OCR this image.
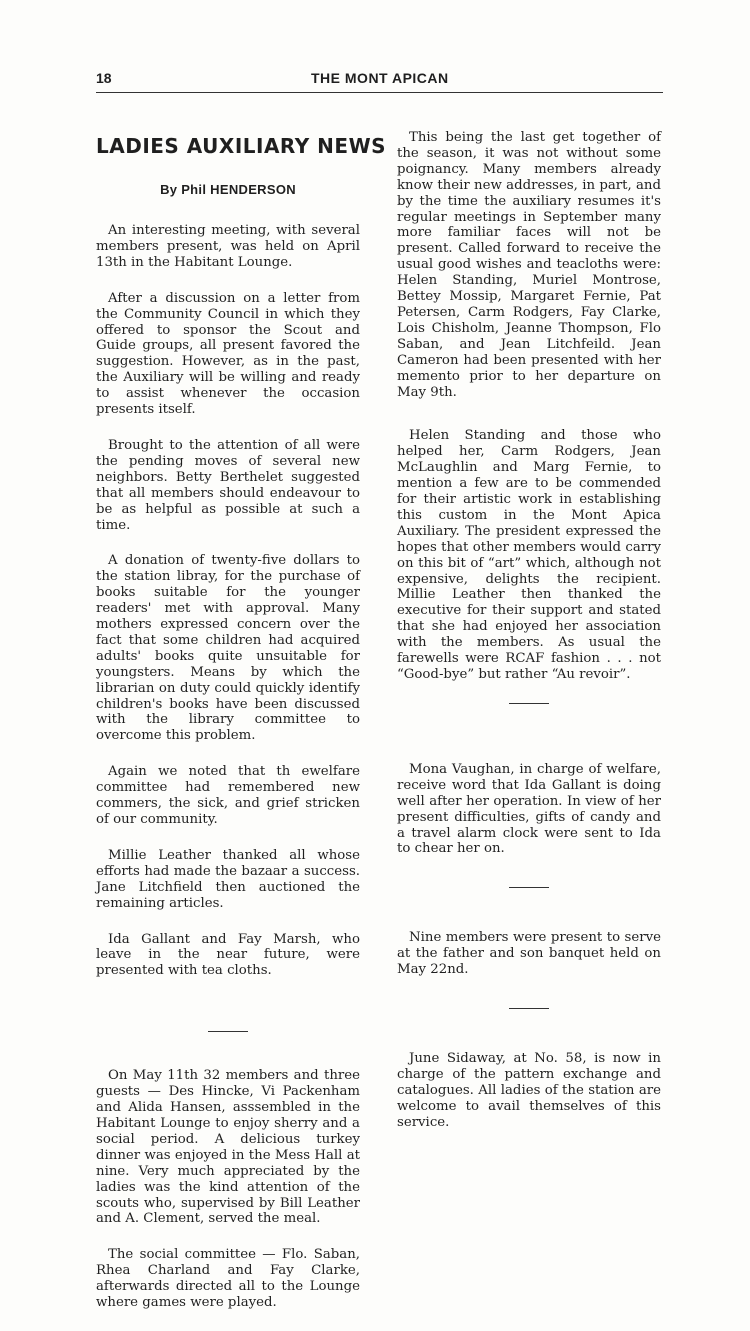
18	THE MONT APICAN
LADIES AUXILIARY NEWS
By Phil HENDERSON

An interesting meeting, with several members present, was held on April 13th in the Habitant Lounge.

After a discussion on a letter from the Community Council in which they offered to sponsor the Scout and Guide groups, all present favored the suggestion. However, as in the past, the Auxiliary will be willing and ready to assist whenever the occasion presents itself.

Brought to the attention of all were the pending moves of several new neighbors. Betty Berthelet suggested that all members should endeavour to be as helpful as possible at such a time.

A donation of twenty-five dollars to the station libray, for the purchase of books suitable for the younger readers' met with approval. Many mothers expressed concern over the fact that some children had acquired adults' books quite unsuitable for youngsters. Means by which the librarian on duty could quickly identify children's books have been discussed with the library committee to overcome this problem.

Again we noted that th ewelfare committee had remembered new commers, the sick, and grief stricken of our community.

Millie Leather thanked all whose efforts had made the bazaar a success. Jane Litchfield then auctioned the remaining articles.

Ida Gallant and Fay Marsh, who leave in the near future, were presented with tea cloths.

On May 11th 32 members and three guests — Des Hincke, Vi Packenham and Alida Hansen, asssembled in the Habitant Lounge to enjoy sherry and a social period. A delicious turkey dinner was enjoyed in the Mess Hall at nine. Very much appreciated by the ladies was the kind attention of the scouts who, supervised by Bill Leather and A. Clement, served the meal.

The social committee — Flo. Saban, Rhea Charland and Fay Clarke, afterwards directed all to the Lounge where games were played.

This being the last get together of the season, it was not without some poignancy. Many members already know their new addresses, in part, and by the time the auxiliary resumes it's regular meetings in September many more familiar faces will not be present. Called forward to receive the usual good wishes and teacloths were: Helen Standing, Muriel Montrose, Bettey Mossip, Margaret Fernie, Pat Petersen, Carm Rodgers, Fay Clarke, Lois Chisholm, Jeanne Thompson, Flo Saban, and Jean Litchfeild. Jean Cameron had been presented with her memento prior to her departure on May 9th.

Helen Standing and those who helped her, Carm Rodgers, Jean McLaughlin and Marg Fernie, to mention a few are to be commended for their artistic work in establishing this custom in the Mont Apica Auxiliary. The president expressed the hopes that other members would carry on this bit of “art” which, although not expensive, delights the recipient. Millie Leather then thanked the executive for their support and stated that she had enjoyed her association with the members. As usual the farewells were RCAF fashion . . . not “Good-bye” but rather “Au revoir”.

Mona Vaughan, in charge of welfare, receive word that Ida Gallant is doing well after her operation. In view of her present difficulties, gifts of candy and a travel alarm clock were sent to Ida to chear her on.

Nine members were present to serve at the father and son banquet held on May 22nd.

June Sidaway, at No. 58, is now in charge of the pattern exchange and catalogues. All ladies of the station are welcome to avail themselves of this service.
